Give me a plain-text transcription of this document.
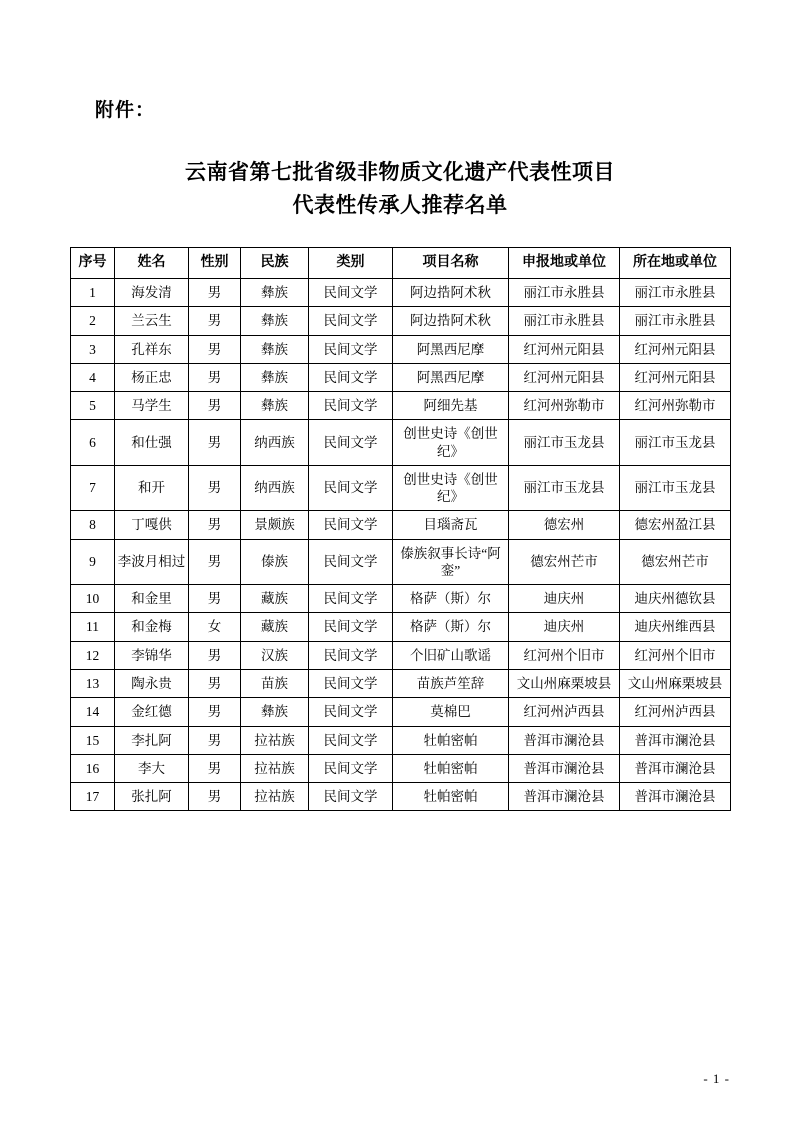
附件：
云南省第七批省级非物质文化遗产代表性项目
代表性传承人推荐名单
序号	姓名	性别	民族	类别	项目名称	申报地或单位	所在地或单位
1	海发清	男	彝族	民间文学	阿边捁阿术秋	丽江市永胜县	丽江市永胜县
2	兰云生	男	彝族	民间文学	阿边捁阿术秋	丽江市永胜县	丽江市永胜县
3	孔祥东	男	彝族	民间文学	阿黑西尼摩	红河州元阳县	红河州元阳县
4	杨正忠	男	彝族	民间文学	阿黑西尼摩	红河州元阳县	红河州元阳县
5	马学生	男	彝族	民间文学	阿细先基	红河州弥勒市	红河州弥勒市
6	和仕强	男	纳西族	民间文学	创世史诗《创世纪》	丽江市玉龙县	丽江市玉龙县
7	和开	男	纳西族	民间文学	创世史诗《创世纪》	丽江市玉龙县	丽江市玉龙县
8	丁嘎供	男	景颇族	民间文学	目瑙斋瓦	德宏州	德宏州盈江县
9	李波月相过	男	傣族	民间文学	傣族叙事长诗“阿銮”	德宏州芒市	德宏州芒市
10	和金里	男	藏族	民间文学	格萨（斯）尔	迪庆州	迪庆州德钦县
11	和金梅	女	藏族	民间文学	格萨（斯）尔	迪庆州	迪庆州维西县
12	李锦华	男	汉族	民间文学	个旧矿山歌谣	红河州个旧市	红河州个旧市
13	陶永贵	男	苗族	民间文学	苗族芦笙辞	文山州麻栗坡县	文山州麻栗坡县
14	金红德	男	彝族	民间文学	莫棉巴	红河州泸西县	红河州泸西县
15	李扎阿	男	拉祜族	民间文学	牡帕密帕	普洱市澜沧县	普洱市澜沧县
16	李大	男	拉祜族	民间文学	牡帕密帕	普洱市澜沧县	普洱市澜沧县
17	张扎阿	男	拉祜族	民间文学	牡帕密帕	普洱市澜沧县	普洱市澜沧县
- 1 -
